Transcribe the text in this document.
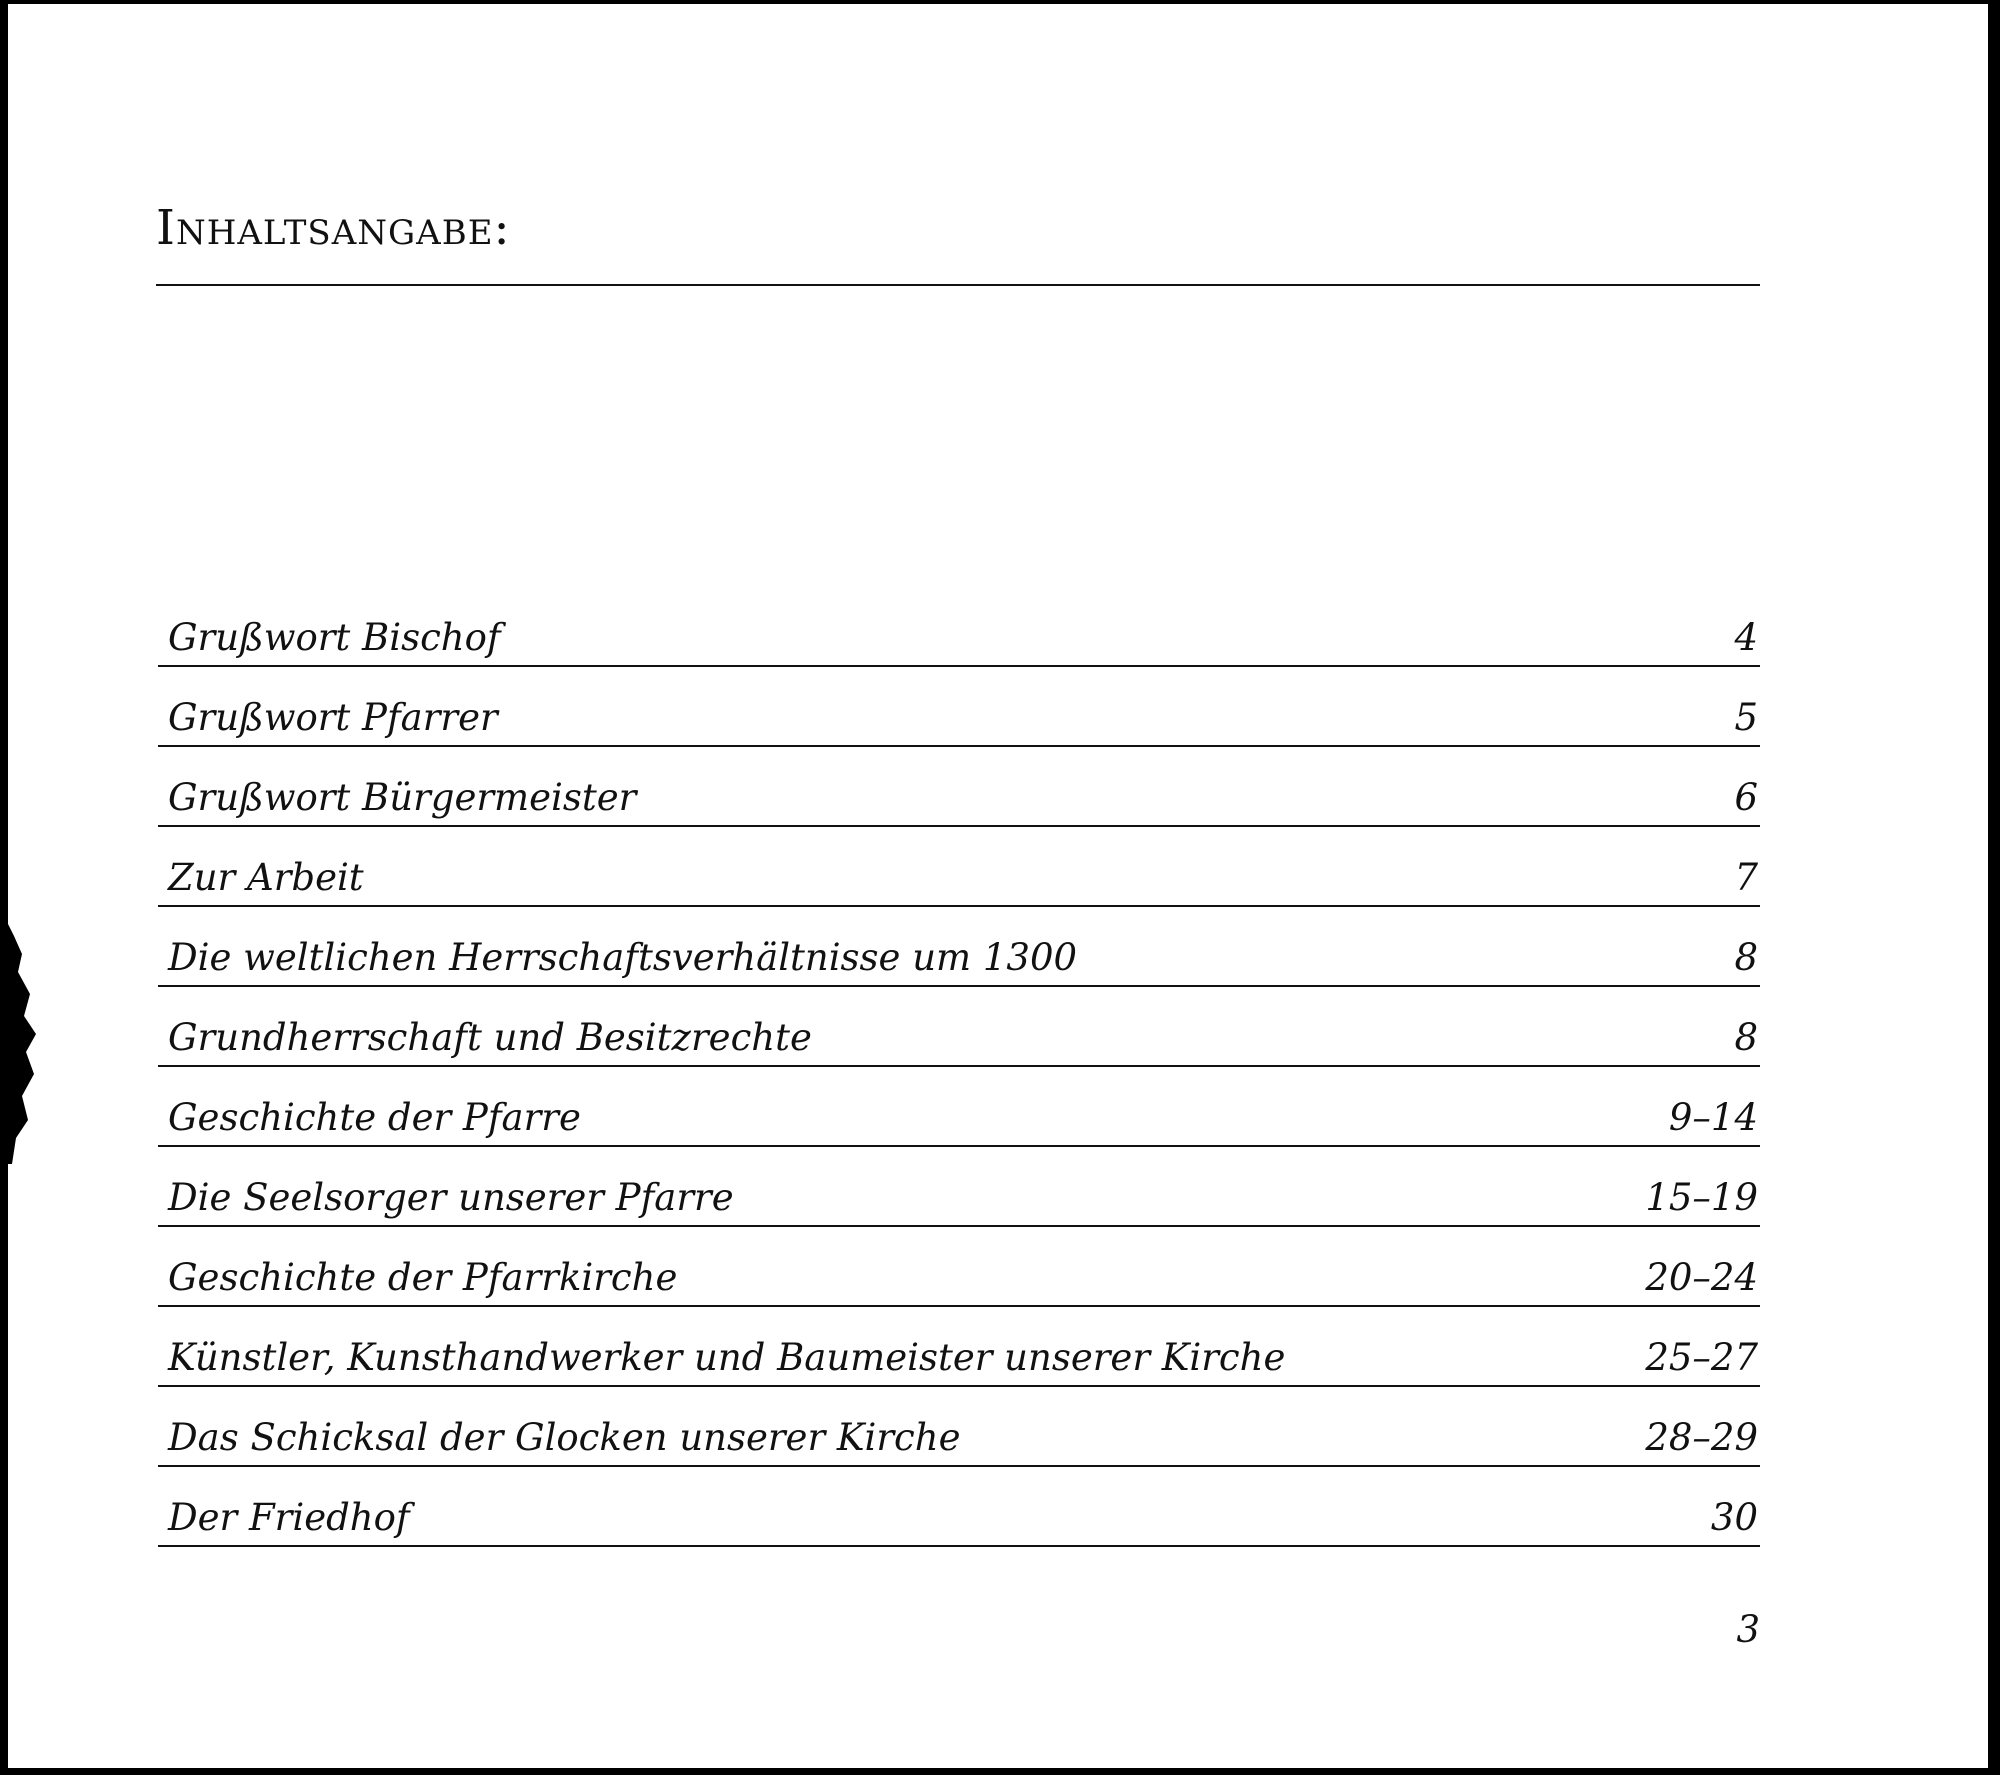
Inhaltsangabe:
Grußwort Bischof	4
Grußwort Pfarrer	5
Grußwort Bürgermeister	6
Zur Arbeit	7
Die weltlichen Herrschaftsverhältnisse um 1300	8
Grundherrschaft und Besitzrechte	8
Geschichte der Pfarre	9–14
Die Seelsorger unserer Pfarre	15–19
Geschichte der Pfarrkirche	20–24
Künstler, Kunsthandwerker und Baumeister unserer Kirche	25–27
Das Schicksal der Glocken unserer Kirche	28–29
Der Friedhof	30
3
